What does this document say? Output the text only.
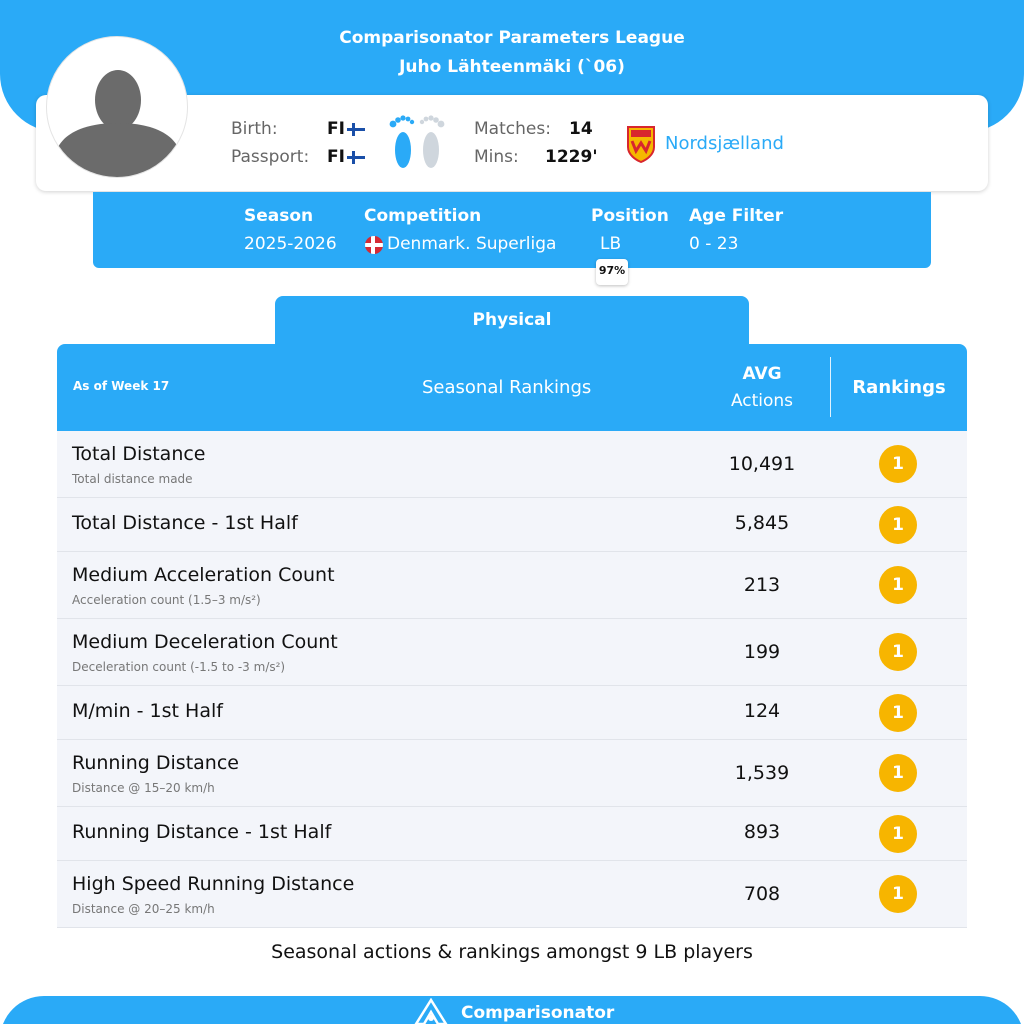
Comparisonator Parameters League
Juho Lähteenmäki (`06)
Birth:	FI
Passport: FI
Matches: 14
Mins: 1229'
Nordsjælland
Season
2025-2026
Competition
Denmark. Superliga
Position
LB
97%
Age Filter
0 - 23
Physical
As of Week 17	Seasonal Rankings
AVG
Actions
Rankings
Total Distance
Total distance made
10,491	1
Total Distance - 1st Half	5,845	1
Medium Acceleration Count
Acceleration count (1.5–3 m/s²)
213	1
Medium Deceleration Count
Deceleration count (-1.5 to -3 m/s²)
199	1
M/min - 1st Half	124	1
Running Distance
Distance @ 15–20 km/h
1,539	1
Running Distance - 1st Half	893	1
High Speed Running Distance
Distance @ 20–25 km/h
708	1
Seasonal actions & rankings amongst 9 LB players
Comparisonator
